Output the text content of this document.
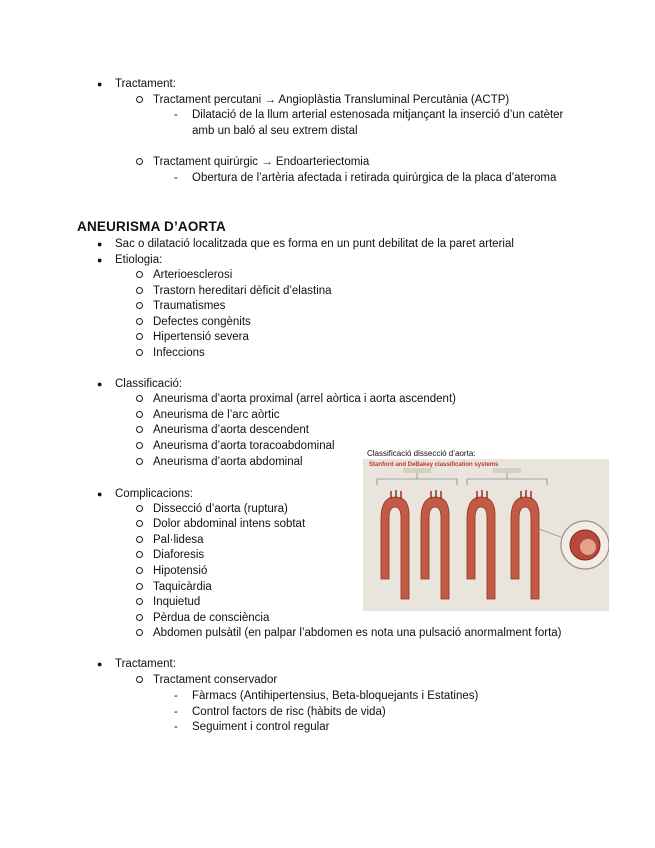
● Tractament:
Tractament percutani → Angioplàstia Transluminal Percutània (ACTP)
- Dilatació de la llum arterial estenosada mitjançant la inserció d’un catèter
amb un baló al seu extrem distal
Tractament quirúrgic → Endoarteriectomia
- Obertura de l’artèria afectada i retirada quirúrgica de la placa d’ateroma
ANEURISMA D’AORTA
● Sac o dilatació localitzada que es forma en un punt debilitat de la paret arterial
● Etiologia:
Arterioesclerosi
Trastorn hereditari dèficit d’elastina
Traumatismes
Defectes congènits
Hipertensió severa
Infeccions
● Classificació:
Aneurisma d’aorta proximal (arrel aòrtica i aorta ascendent)
Aneurisma de l’arc aòrtic
Aneurisma d’aorta descendent
Aneurisma d’aorta toracoabdominal
Aneurisma d’aorta abdominal
Classificació dissecció d’aorta:
Stanford and DeBakey classification systems
● Complicacions:
Dissecció d’aorta (ruptura)
Dolor abdominal intens sobtat
Pal·lidesa
Diaforesis
Hipotensió
Taquicàrdia
Inquietud
Pèrdua de consciència
Abdomen pulsàtil (en palpar l’abdomen es nota una pulsació anormalment forta)
● Tractament:
Tractament conservador
- Fàrmacs (Antihipertensius, Beta-bloquejants i Estatines)
- Control factors de risc (hàbits de vida)
- Seguiment i control regular
